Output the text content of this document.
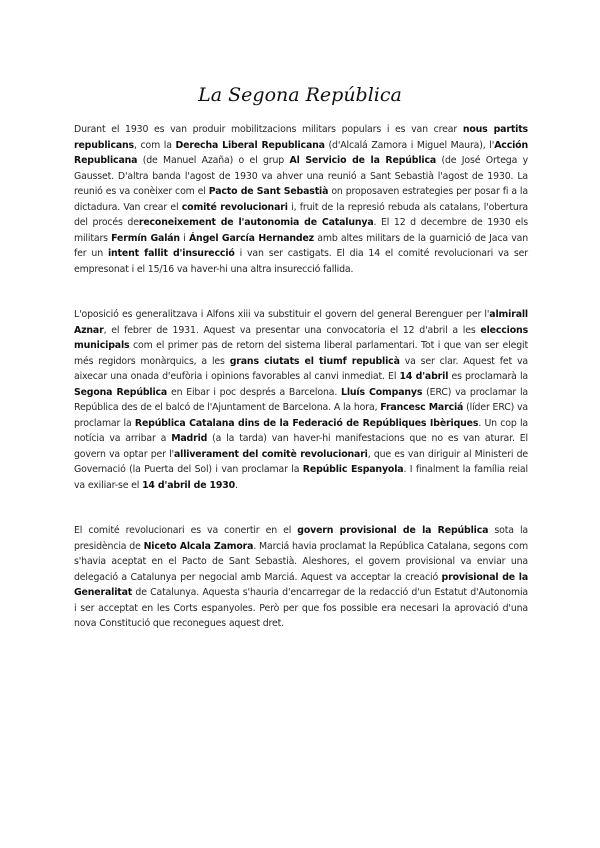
La Segona República

Durant el 1930 es van produir mobilitzacions militars populars i es van crear nous partits republicans, com la Derecha Liberal Republicana (d'Alcalá Zamora i Miguel Maura), l'Acción Republicana (de Manuel Azaña) o el grup Al Servicio de la República (de José Ortega y Gausset. D'altra banda l'agost de 1930 va ahver una reunió a Sant Sebastià l'agost de 1930. La reunió es va conèixer com el Pacto de Sant Sebastià on proposaven estrategies per posar fi a la dictadura. Van crear el comité revolucionari i, fruit de la represió rebuda als catalans, l'obertura del procés dereconeixement de l'autonomia de Catalunya. El 12 d decembre de 1930 els militars Fermín Galán i Ángel García Hernandez amb altes militars de la guarnició de Jaca van fer un intent fallit d'insurecció i van ser castigats. El dia 14 el comité revolucionari va ser empresonat i el 15/16 va haver-hi una altra insurecció fallida.

L'oposició es generalitzava i Alfons xiii va substituir el govern del general Berenguer per l'almirall Aznar, el febrer de 1931. Aquest va presentar una convocatoria el 12 d'abril a les eleccions municipals com el primer pas de retorn del sistema liberal parlamentari. Tot i que van ser elegit més regidors monàrquics, a les grans ciutats el tiumf republicà va ser clar. Aquest fet va aixecar una onada d'eufòria i opinions favorables al canvi inmediat. El 14 d'abril es proclamarà la Segona República en Eibar i poc després a Barcelona. Lluís Companys (ERC) va proclamar la República des de el balcó de l'Ajuntament de Barcelona. A la hora, Francesc Marciá (líder ERC) va proclamar la República Catalana dins de la Federació de Repúbliques Ibèriques. Un cop la notícia va arribar a Madrid (a la tarda) van haver-hi manifestacions que no es van aturar. El govern va optar per l'alliverament del comitè revolucionari, que es van diriguir al Ministeri de Governació (la Puerta del Sol) i van proclamar la Repúblic Espanyola. I finalment la família reial va exiliar-se el 14 d'abril de 1930.

El comité revolucionari es va conertir en el govern provisional de la República sota la presidència de Niceto Alcala Zamora. Marciá havia proclamat la República Catalana, segons com s'havia aceptat en el Pacto de Sant Sebastià. Aleshores, el govern provisional va enviar una delegació a Catalunya per negocial amb Marciá. Aquest va acceptar la creació provisional de la Generalitat de Catalunya. Aquesta s'hauria d'encarregar de la redacció d'un Estatut d'Autonomia i ser acceptat en les Corts espanyoles. Però per que fos possible era necesari la aprovació d'una nova Constitució que reconegues aquest dret.
